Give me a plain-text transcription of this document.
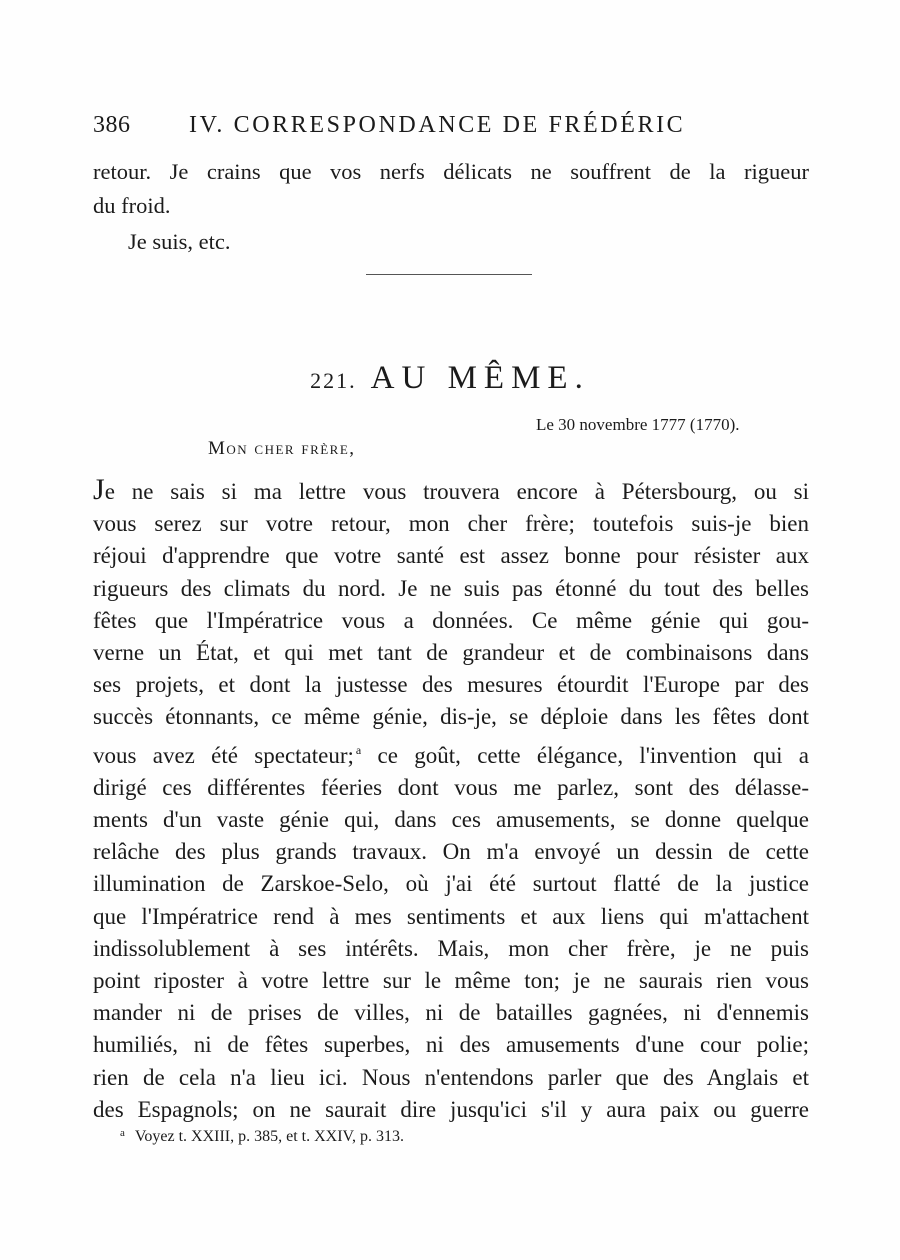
386 IV. CORRESPONDANCE DE FRÉDÉRIC
retour. Je crains que vos nerfs délicats ne souffrent de la rigueur
du froid.
Je suis, etc.
221. AU MÊME.
Le 30 novembre 1777 (1770).
Mon cher frère,
Je ne sais si ma lettre vous trouvera encore à Pétersbourg, ou si
vous serez sur votre retour, mon cher frère; toutefois suis-je bien
réjoui d'apprendre que votre santé est assez bonne pour résister aux
rigueurs des climats du nord. Je ne suis pas étonné du tout des belles
fêtes que l'Impératrice vous a données. Ce même génie qui gou-
verne un État, et qui met tant de grandeur et de combinaisons dans
ses projets, et dont la justesse des mesures étourdit l'Europe par des
succès étonnants, ce même génie, dis-je, se déploie dans les fêtes dont
vous avez été spectateur; $^a$ ce goût, cette élégance, l'invention qui a
dirigé ces différentes féeries dont vous me parlez, sont des délasse-
ments d'un vaste génie qui, dans ces amusements, se donne quelque
relâche des plus grands travaux. On m'a envoyé un dessin de cette
illumination de Zarskoe-Selo, où j'ai été surtout flatté de la justice
que l'Impératrice rend à mes sentiments et aux liens qui m'attachent
indissolublement à ses intérêts. Mais, mon cher frère, je ne puis
point riposter à votre lettre sur le même ton; je ne saurais rien vous
mander ni de prises de villes, ni de batailles gagnées, ni d'ennemis
humiliés, ni de fêtes superbes, ni des amusements d'une cour polie;
rien de cela n'a lieu ici. Nous n'entendons parler que des Anglais et
des Espagnols; on ne saurait dire jusqu'ici s'il y aura paix ou guerre
$^a$ Voyez t. XXIII, p. 385, et t. XXIV, p. 313.
